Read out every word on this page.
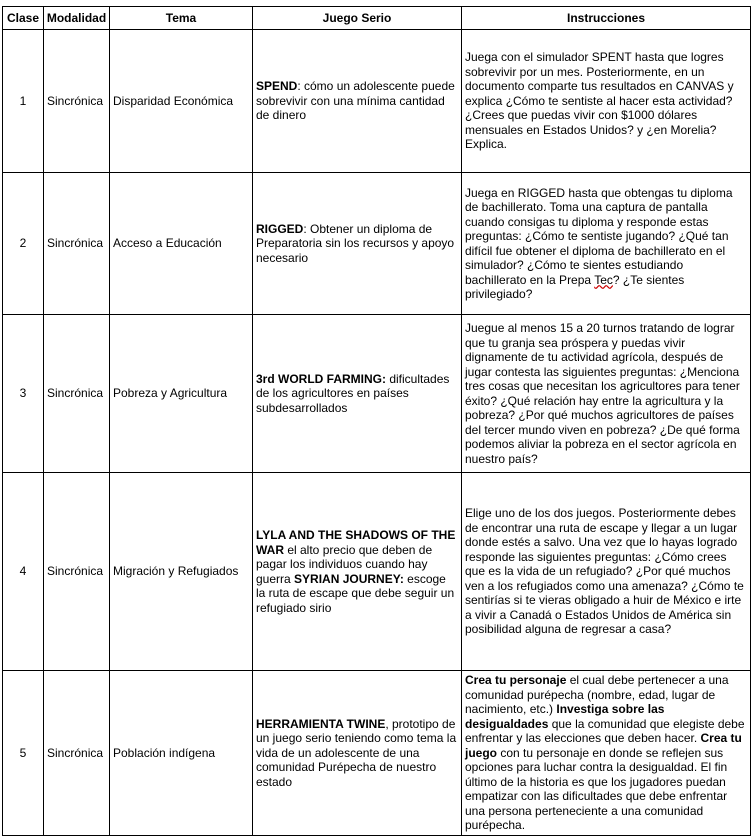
Clase	Modalidad	Tema	Juego Serio	Instrucciones
1	Sincrónica	Disparidad Económica	SPEND: cómo un adolescente puede sobrevivir con una mínima cantidad de dinero	Juega con el simulador SPENT hasta que logres sobrevivir por un mes. Posteriormente, en un documento comparte tus resultados en CANVAS y explica ¿Cómo te sentiste al hacer esta actividad? ¿Crees que puedas vivir con $1000 dólares mensuales en Estados Unidos? y ¿en Morelia? Explica.
2	Sincrónica	Acceso a Educación	RIGGED: Obtener un diploma de Preparatoria sin los recursos y apoyo necesario	Juega en RIGGED hasta que obtengas tu diploma de bachillerato. Toma una captura de pantalla cuando consigas tu diploma y responde estas preguntas: ¿Cómo te sentiste jugando? ¿Qué tan difícil fue obtener el diploma de bachillerato en el simulador? ¿Cómo te sientes estudiando bachillerato en la Prepa Tec? ¿Te sientes privilegiado?
3	Sincrónica	Pobreza y Agricultura	3rd WORLD FARMING: dificultades de los agricultores en países subdesarrollados	Juegue al menos 15 a 20 turnos tratando de lograr que tu granja sea próspera y puedas vivir dignamente de tu actividad agrícola, después de jugar contesta las siguientes preguntas: ¿Menciona tres cosas que necesitan los agricultores para tener éxito? ¿Qué relación hay entre la agricultura y la pobreza? ¿Por qué muchos agricultores de países del tercer mundo viven en pobreza? ¿De qué forma podemos aliviar la pobreza en el sector agrícola en nuestro país?
4	Sincrónica	Migración y Refugiados	LYLA AND THE SHADOWS OF THE WAR el alto precio que deben de pagar los individuos cuando hay guerra SYRIAN JOURNEY: escoge la ruta de escape que debe seguir un refugiado sirio	Elige uno de los dos juegos. Posteriormente debes de encontrar una ruta de escape y llegar a un lugar donde estés a salvo. Una vez que lo hayas logrado responde las siguientes preguntas: ¿Cómo crees que es la vida de un refugiado? ¿Por qué muchos ven a los refugiados como una amenaza? ¿Cómo te sentirías si te vieras obligado a huir de México e irte a vivir a Canadá o Estados Unidos de América sin posibilidad alguna de regresar a casa?
5	Sincrónica	Población indígena	HERRAMIENTA TWINE, prototipo de un juego serio teniendo como tema la vida de un adolescente de una comunidad Purépecha de nuestro estado	Crea tu personaje el cual debe pertenecer a una comunidad purépecha (nombre, edad, lugar de nacimiento, etc.) Investiga sobre las desigualdades que la comunidad que elegiste debe enfrentar y las elecciones que deben hacer. Crea tu juego con tu personaje en donde se reflejen sus opciones para luchar contra la desigualdad. El fin último de la historia es que los jugadores puedan empatizar con las dificultades que debe enfrentar una persona perteneciente a una comunidad purépecha.
